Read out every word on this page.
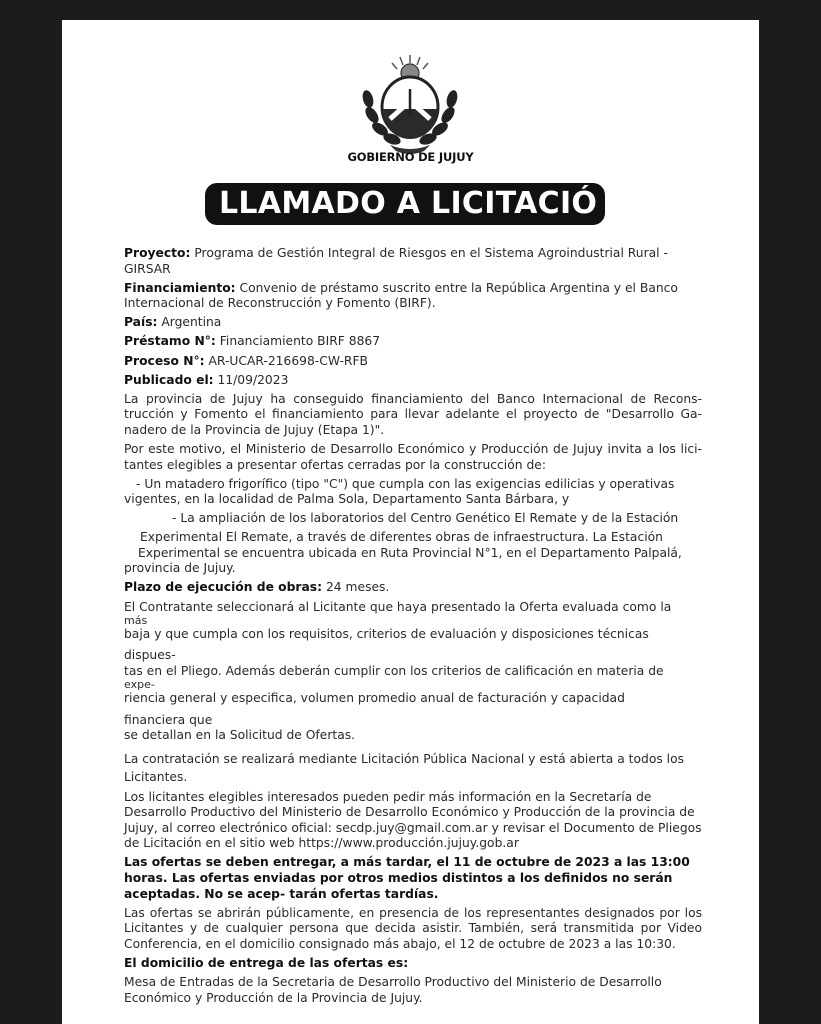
GOBIERNO DE JUJUY
LLAMADO A LICITACIÓ

Proyecto: Programa de Gestión Integral de Riesgos en el Sistema Agroindustrial Rural - GIRSAR

Financiamiento: Convenio de préstamo suscrito entre la República Argentina y el Banco Internacional de Reconstrucción y Fomento (BIRF).

País: Argentina

Préstamo N°: Financiamiento BIRF 8867

Proceso N°: AR-UCAR-216698-CW-RFB

Publicado el: 11/09/2023

La provincia de Jujuy ha conseguido financiamiento del Banco Internacional de Recons- trucción y Fomento el financiamiento para llevar adelante el proyecto de "Desarrollo Ga- nadero de la Provincia de Jujuy (Etapa 1)".

Por este motivo, el Ministerio de Desarrollo Económico y Producción de Jujuy invita a los lici- tantes elegibles a presentar ofertas cerradas por la construcción de:

- Un matadero frigorífico (tipo "C") que cumpla con las exigencias edilicias y operativas

vigentes, en la localidad de Palma Sola, Departamento Santa Bárbara, y

- La ampliación de los laboratorios del Centro Genético El Remate y de la Estación
Experimental El Remate, a través de diferentes obras de infraestructura. La Estación
Experimental se encuentra ubicada en Ruta Provincial N°1, en el Departamento Palpalá,

provincia de Jujuy.

Plazo de ejecución de obras: 24 meses.

El Contratante seleccionará al Licitante que haya presentado la Oferta evaluada como la
más
baja y que cumpla con los requisitos, criterios de evaluación y disposiciones técnicas
dispues-
tas en el Pliego. Además deberán cumplir con los criterios de calificación en materia de
expe-
riencia general y especifica, volumen promedio anual de facturación y capacidad
financiera que

se detallan en la Solicitud de Ofertas.

La contratación se realizará mediante Licitación Pública Nacional y está abierta a todos los Licitantes.

Los licitantes elegibles interesados pueden pedir más información en la Secretaría de Desarrollo Productivo del Ministerio de Desarrollo Económico y Producción de la provincia de Jujuy, al correo electrónico oficial: secdp.juy@gmail.com.ar y revisar el Documento de Pliegos de Licitación en el sitio web https://www.producción.jujuy.gob.ar

Las ofertas se deben entregar, a más tardar, el 11 de octubre de 2023 a las 13:00 horas. Las ofertas enviadas por otros medios distintos a los definidos no serán aceptadas. No se acep- tarán ofertas tardías.

Las ofertas se abrirán públicamente, en presencia de los representantes designados por los Licitantes y de cualquier persona que decida asistir. También, será transmitida por Video Conferencia, en el domicilio consignado más abajo, el 12 de octubre de 2023 a las 10:30.

El domicilio de entrega de las ofertas es:

Mesa de Entradas de la Secretaria de Desarrollo Productivo del Ministerio de Desarrollo Económico y Producción de la Provincia de Jujuy.
